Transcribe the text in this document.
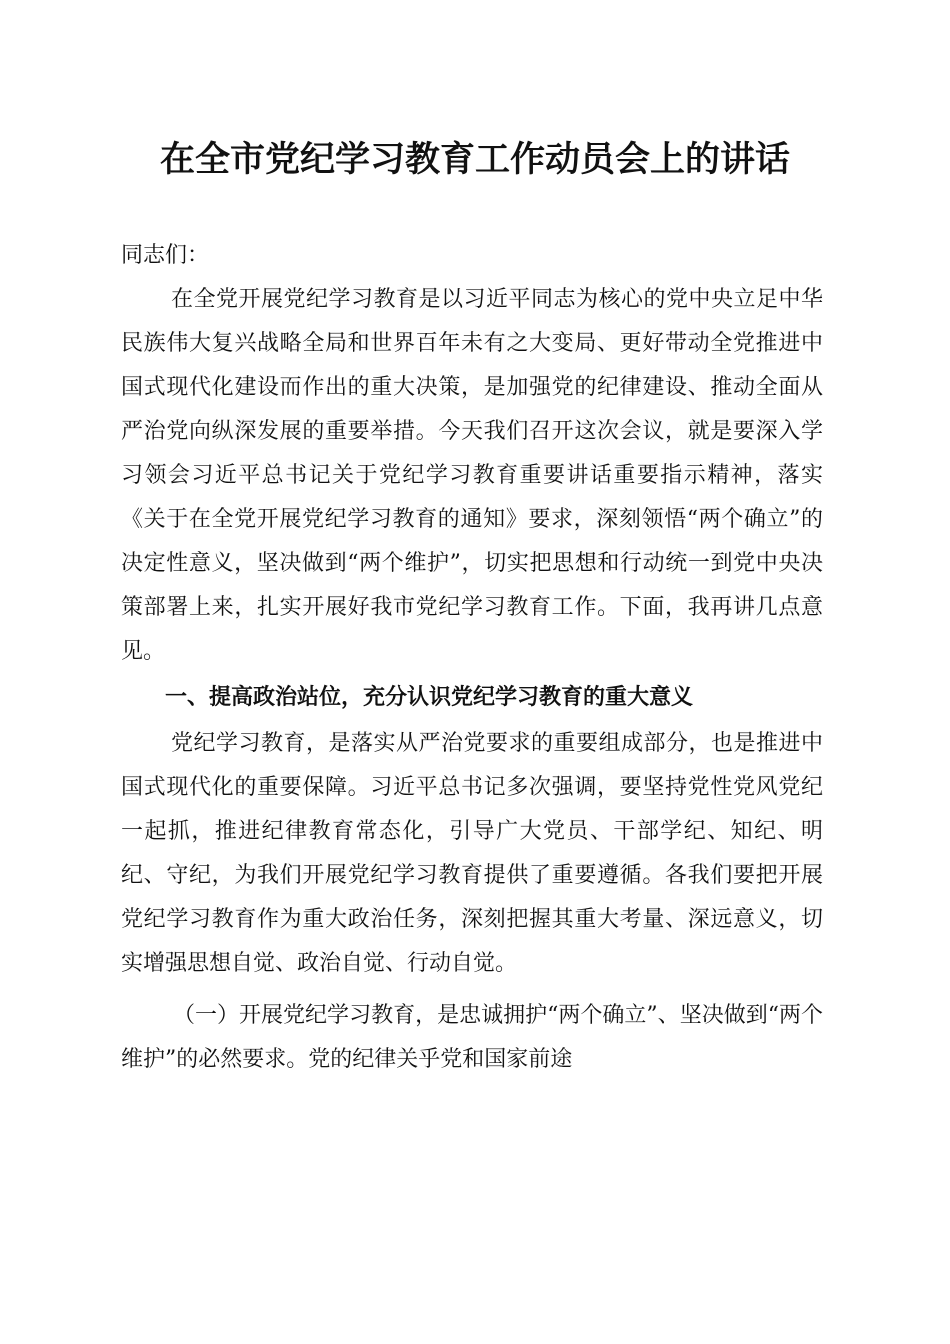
在全市党纪学习教育工作动员会上的讲话

同志们：

在全党开展党纪学习教育是以习近平同志为核心的党中央立足中华民族伟大复兴战略全局和世界百年未有之大变局、更好带动全党推进中国式现代化建设而作出的重大决策，是加强党的纪律建设、推动全面从严治党向纵深发展的重要举措。今天我们召开这次会议，就是要深入学习领会习近平总书记关于党纪学习教育重要讲话重要指示精神，落实《关于在全党开展党纪学习教育的通知》要求，深刻领悟“两个确立”的决定性意义，坚决做到“两个维护”，切实把思想和行动统一到党中央决策部署上来，扎实开展好我市党纪学习教育工作。下面，我再讲几点意见。

一、提高政治站位，充分认识党纪学习教育的重大意义

党纪学习教育，是落实从严治党要求的重要组成部分，也是推进中国式现代化的重要保障。习近平总书记多次强调，要坚持党性党风党纪一起抓，推进纪律教育常态化，引导广大党员、干部学纪、知纪、明纪、守纪，为我们开展党纪学习教育提供了重要遵循。各我们要把开展党纪学习教育作为重大政治任务，深刻把握其重大考量、深远意义，切实增强思想自觉、政治自觉、行动自觉。

（一）开展党纪学习教育，是忠诚拥护“两个确立”、坚决做到“两个维护”的必然要求。党的纪律关乎党和国家前途
